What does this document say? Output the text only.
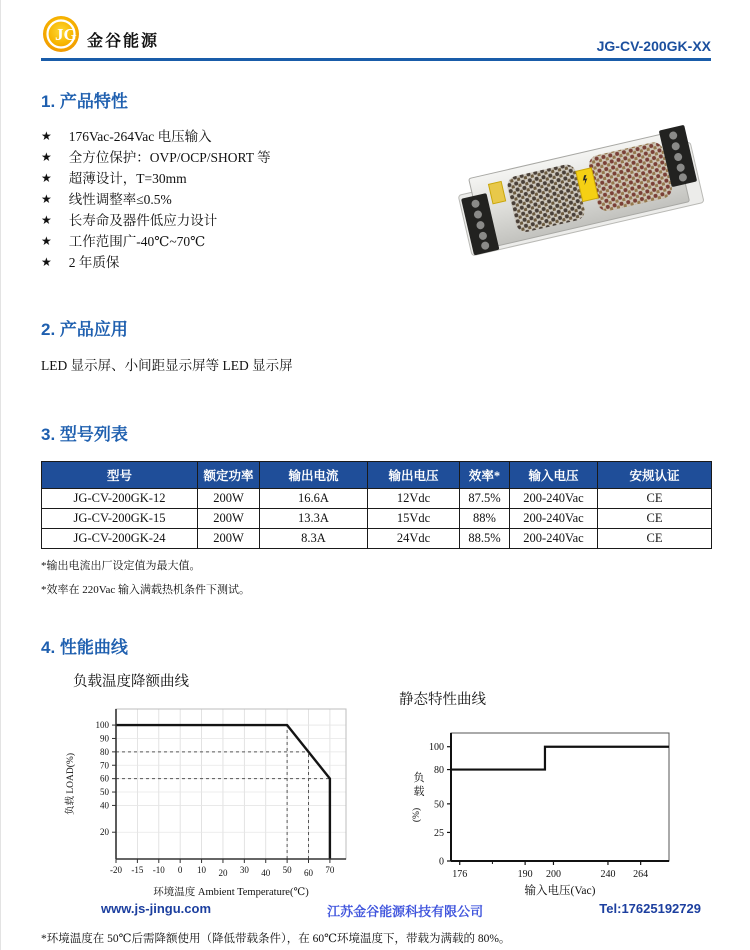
JG 金谷能源	JG-CV-200GK-XX
1. 产品特性
★ 176Vac-264Vac 电压输入
★ 全方位保护：OVP/OCP/SHORT 等
★ 超薄设计，T=30mm
★ 线性调整率≤0.5%
★ 长寿命及器件低应力设计
★ 工作范围广-40℃~70℃
★ 2 年质保
2. 产品应用
LED 显示屏、小间距显示屏等 LED 显示屏
3. 型号列表
型号	额定功率	输出电流	输出电压	效率*	输入电压	安规认证
JG-CV-200GK-12	200W	16.6A	12Vdc	87.5%	200-240Vac	CE
JG-CV-200GK-15	200W	13.3A	15Vdc	88%	200-240Vac	CE
JG-CV-200GK-24	200W	8.3A	24Vdc	88.5%	200-240Vac	CE
*输出电流出厂设定值为最大值。
*效率在 220Vac 输入满载热机条件下测试。
4. 性能曲线
负载温度降额曲线
20
40
50
60
70
80
90
100
-20 -15 -10 0 10 20 30 40 50 60 70
环境温度 Ambient Temperature(℃)
负载 LOAD(%)
静态特性曲线
0
25
50
80
100
176	190 200	240 264
输入电压(Vac)
负
载
(%)
*环境温度在 50℃后需降额使用（降低带载条件），在 60℃环境温度下，带载为满载的 80%。
www.js-jingu.com	江苏金谷能源科技有限公司	Tel:17625192729
